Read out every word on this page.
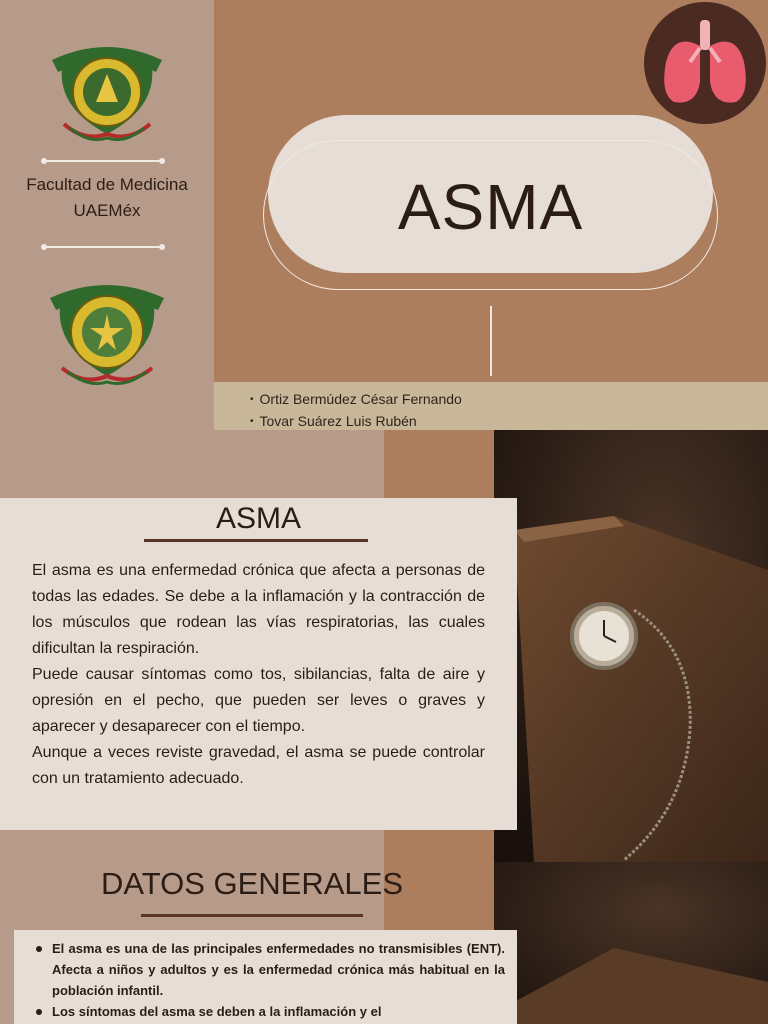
Facultad de Medicina UAEMéx	ASMA
• Ortiz Bermúdez César Fernando
• Tovar Suárez Luis Rubén
ASMA

El asma es una enfermedad crónica que afecta a personas de todas las edades. Se debe a la inflamación y la contracción de los músculos que rodean las vías respiratorias, las cuales dificultan la respiración.

Puede causar síntomas como tos, sibilancias, falta de aire y opresión en el pecho, que pueden ser leves o graves y aparecer y desaparecer con el tiempo.

Aunque a veces reviste gravedad, el asma se puede controlar con un tratamiento adecuado.

DATOS GENERALES
El asma es una de las principales enfermedades no transmisibles (ENT). Afecta a niños y adultos y es la enfermedad crónica más habitual en la población infantil.
Los síntomas del asma se deben a la inflamación y el
